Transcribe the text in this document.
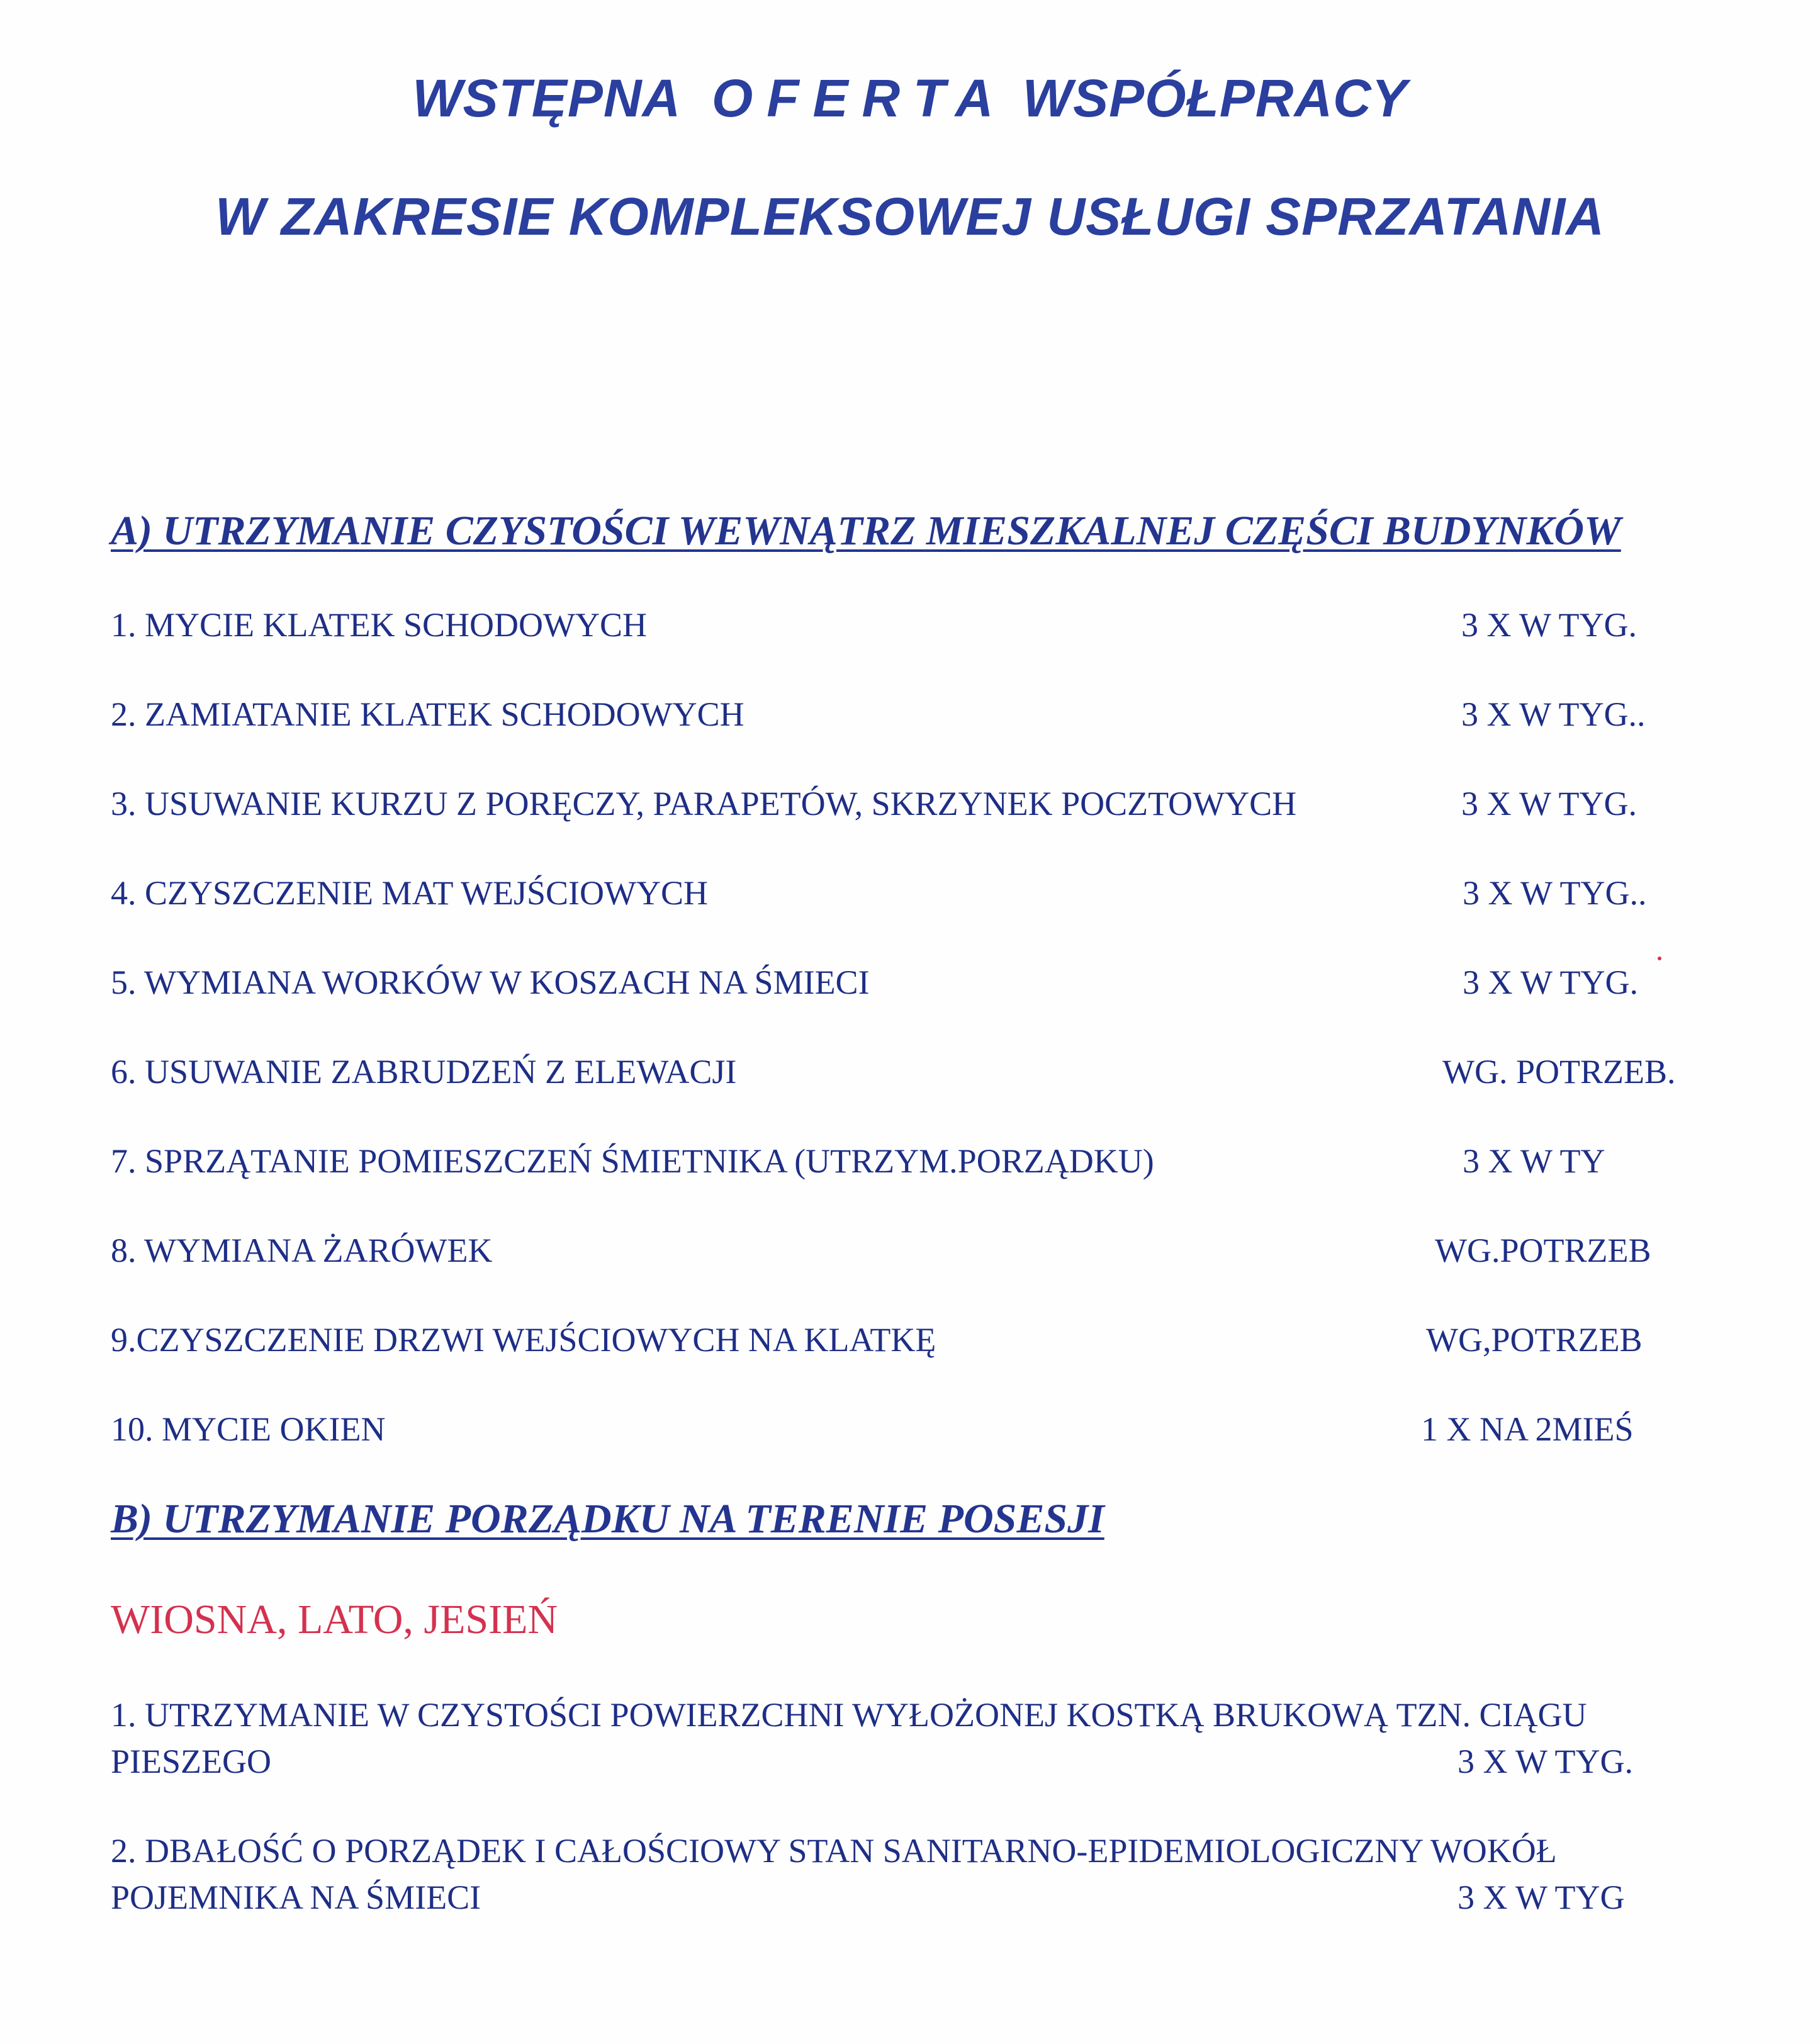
WSTĘPNA OFERTA WSPÓŁPRACY
W ZAKRESIE KOMPLEKSOWEJ USŁUGI SPRZATANIA
A) UTRZYMANIE CZYSTOŚCI WEWNĄTRZ MIESZKALNEJ CZĘŚCI BUDYNKÓW
1. MYCIE KLATEK SCHODOWYCH	3 X W TYG.
2. ZAMIATANIE KLATEK SCHODOWYCH	3 X W TYG..
3. USUWANIE KURZU Z PORĘCZY, PARAPETÓW, SKRZYNEK POCZTOWYCH	3 X W TYG.
4. CZYSZCZENIE MAT WEJŚCIOWYCH	3 X W TYG..
5. WYMIANA WORKÓW W KOSZACH NA ŚMIECI	3 X W TYG.
6. USUWANIE ZABRUDZEŃ Z ELEWACJI	WG. POTRZEB.
7. SPRZĄTANIE POMIESZCZEŃ ŚMIETNIKA (UTRZYM.PORZĄDKU)	3 X W TY
8. WYMIANA ŻARÓWEK	WG.POTRZEB
9.CZYSZCZENIE DRZWI WEJŚCIOWYCH NA KLATKĘ	WG,POTRZEB
10. MYCIE OKIEN	1 X NA 2MIEŚ
B) UTRZYMANIE PORZĄDKU NA TERENIE POSESJI
WIOSNA, LATO, JESIEŃ
1. UTRZYMANIE W CZYSTOŚCI POWIERZCHNI WYŁOŻONEJ KOSTKĄ BRUKOWĄ TZN. CIĄGU
PIESZEGO	3 X W TYG.
2. DBAŁOŚĆ O PORZĄDEK I CAŁOŚCIOWY STAN SANITARNO-EPIDEMIOLOGICZNY WOKÓŁ
POJEMNIKA NA ŚMIECI	3 X W TYG
